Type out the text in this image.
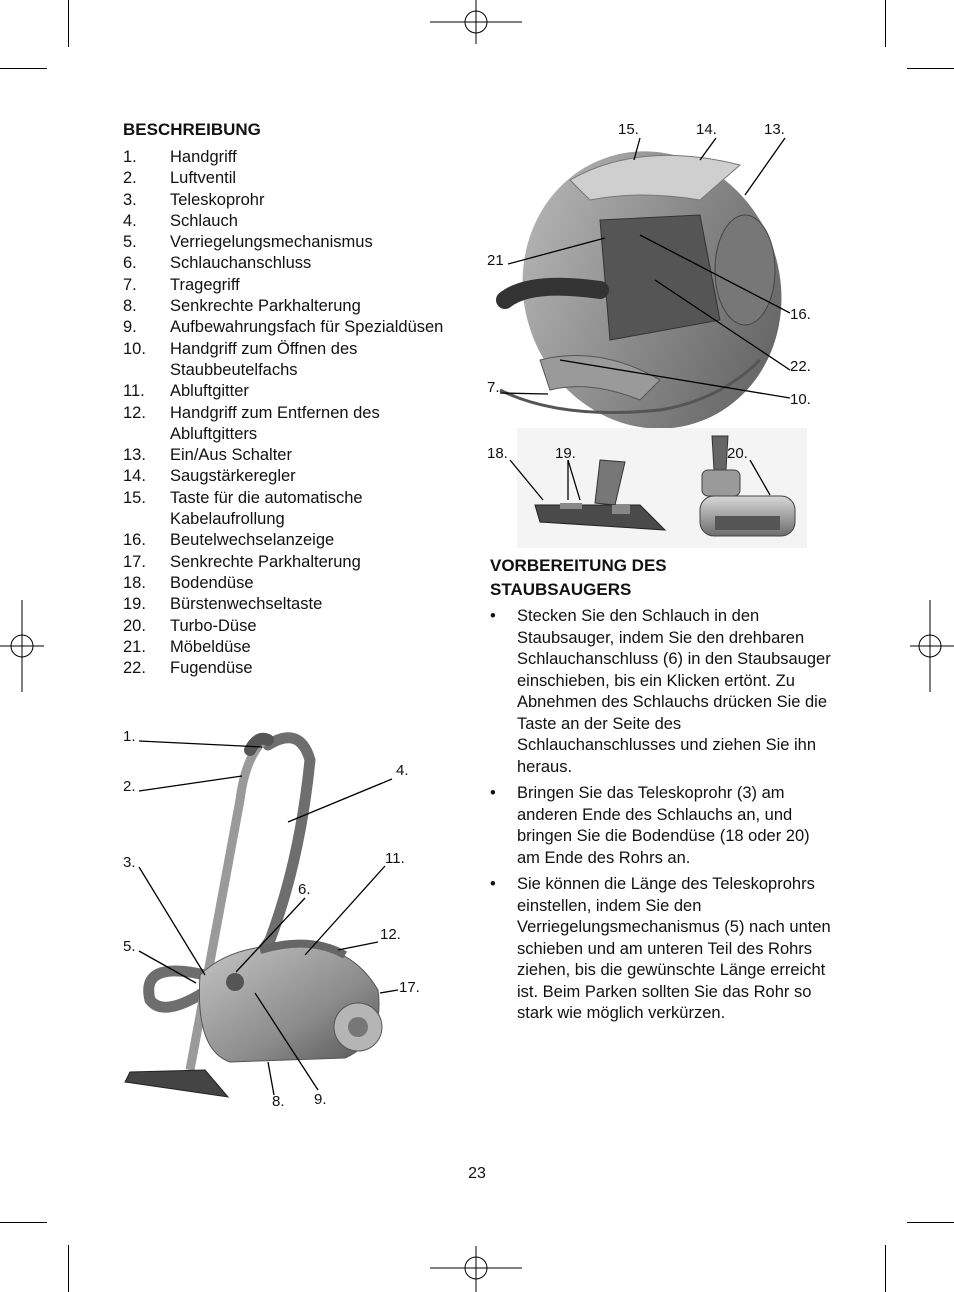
BESCHREIBUNG
1.	Handgriff
2.	Luftventil
3.	Teleskoprohr
4.	Schlauch
5.	Verriegelungsmechanismus
6.	Schlauchanschluss
7.	Tragegriff
8.	Senkrechte Parkhalterung
9.	Aufbewahrungsfach für Spezialdüsen
10.	Handgriff zum Öffnen des Staubbeutelfachs
11.	Abluftgitter
12.	Handgriff zum Entfernen des Abluftgitters
13.	Ein/Aus Schalter
14.	Saugstärkeregler
15.	Taste für die automatische Kabelaufrollung
16.	Beutelwechselanzeige
17.	Senkrechte Parkhalterung
18.	Bodendüse
19.	Bürstenwechseltaste
20.	Turbo-Düse
21.	Möbeldüse
22.	Fugendüse
15.	14.	13.
21
16.
22.
7.
10.
18.	19.	20.
VORBEREITUNG DES
STAUBSAUGERS
•	Stecken Sie den Schlauch in den Staubsauger, indem Sie den drehbaren Schlauchanschluss (6) in den Staubsauger einschieben, bis ein Klicken ertönt. Zu Abnehmen des Schlauchs drücken Sie die Taste an der Seite des Schlauchanschlusses und ziehen Sie ihn heraus.
•	Bringen Sie das Teleskoprohr (3) am anderen Ende des Schlauchs an, und bringen Sie die Bodendüse (18 oder 20) am Ende des Rohrs an.
•	Sie können die Länge des Teleskoprohrs einstellen, indem Sie den Verriegelungsmechanismus (5) nach unten schieben und am unteren Teil des Rohrs ziehen, bis die gewünschte Länge erreicht ist. Beim Parken sollten Sie das Rohr so stark wie möglich verkürzen.
1.
2.
4.
3.	11.
6.
12.
5.
17.
8. 9.
23
